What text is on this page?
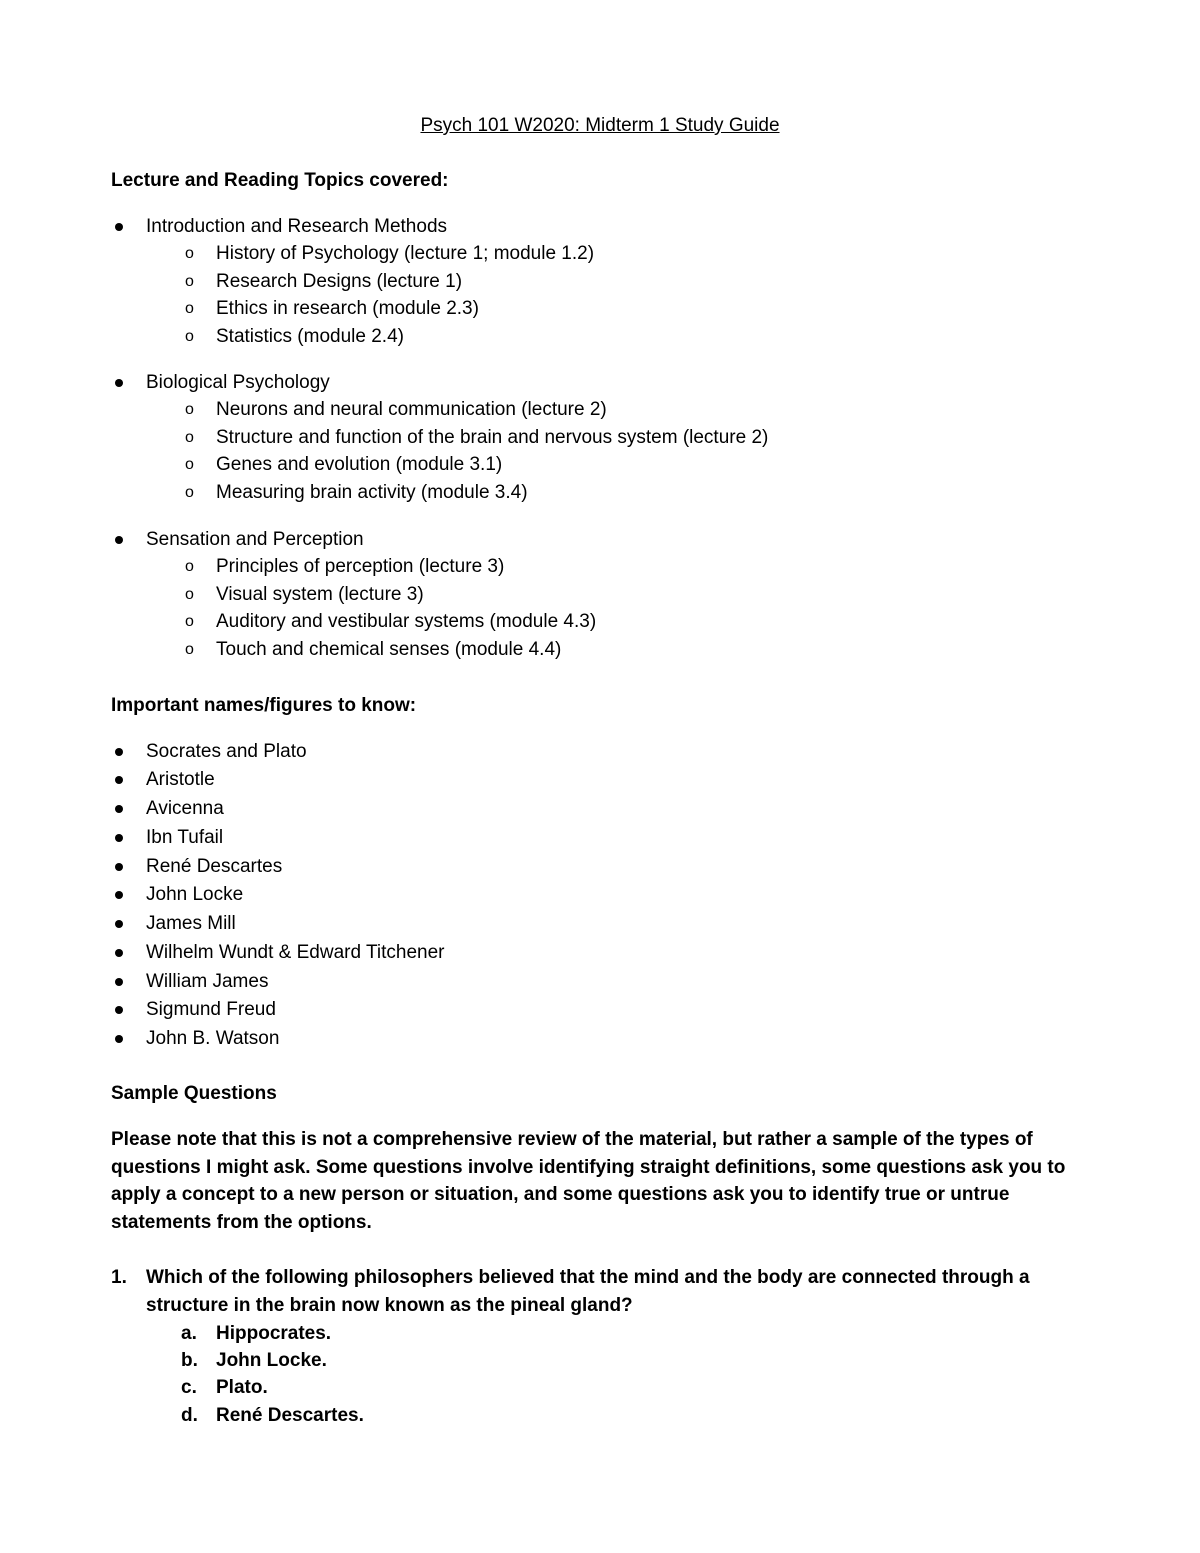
Psych 101 W2020: Midterm 1 Study Guide
Lecture and Reading Topics covered:
Introduction and Research Methods
o History of Psychology (lecture 1; module 1.2)
o Research Designs (lecture 1)
o Ethics in research (module 2.3)
o Statistics (module 2.4)
Biological Psychology
o Neurons and neural communication (lecture 2)
o Structure and function of the brain and nervous system (lecture 2)
o Genes and evolution (module 3.1)
o Measuring brain activity (module 3.4)
Sensation and Perception
o Principles of perception (lecture 3)
o Visual system (lecture 3)
o Auditory and vestibular systems (module 4.3)
o Touch and chemical senses (module 4.4)
Important names/figures to know:
Socrates and Plato
Aristotle
Avicenna
Ibn Tufail
René Descartes
John Locke
James Mill
Wilhelm Wundt & Edward Titchener
William James
Sigmund Freud
John B. Watson
Sample Questions
Please note that this is not a comprehensive review of the material, but rather a sample of the types of questions I might ask. Some questions involve identifying straight definitions, some questions ask you to apply a concept to a new person or situation, and some questions ask you to identify true or untrue statements from the options.
1. Which of the following philosophers believed that the mind and the body are connected through a structure in the brain now known as the pineal gland?
a. Hippocrates.
b. John Locke.
c. Plato.
d. René Descartes.
